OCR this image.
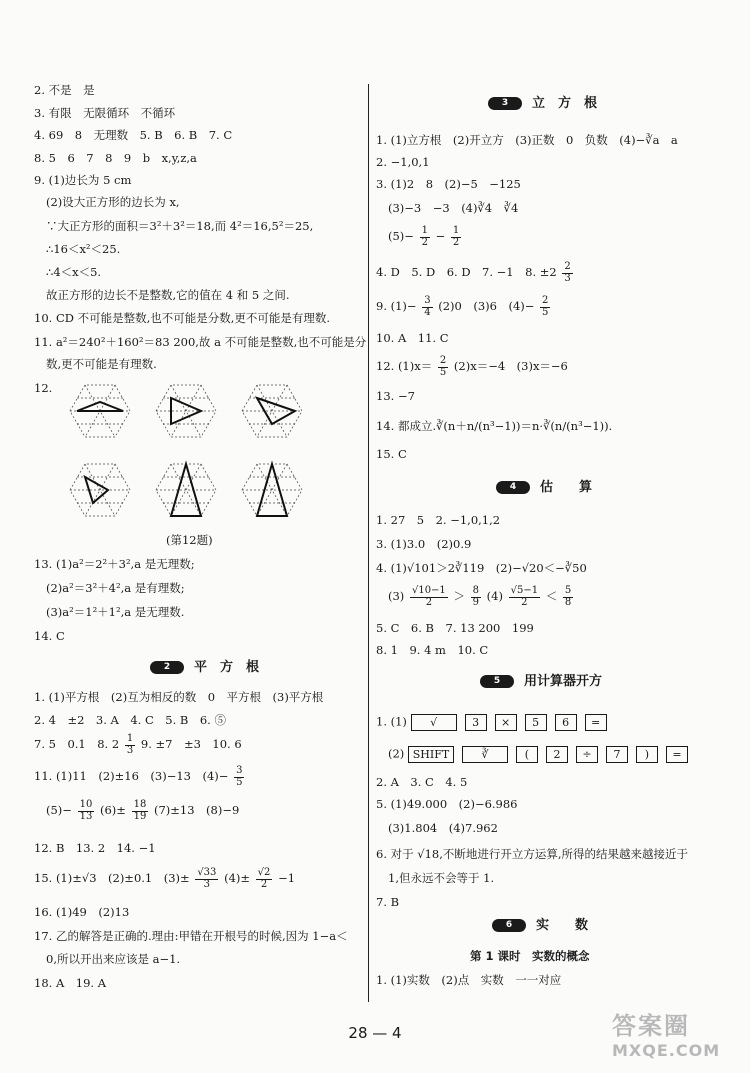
2. 不是　是
3. 有限　无限循环　不循环
4. 69　8　无理数　5. B　6. B　7. C
8. 5　6　7　8　9　b　x,y,z,a
9. (1)边长为 5 cm
(2)设大正方形的边长为 x,
∵大正方形的面积＝3²＋3²＝18,而 4²＝16,5²＝25,
∴16＜x²＜25.
∴4＜x＜5.
故正方形的边长不是整数,它的值在 4 和 5 之间.
10. CD 不可能是整数,也不可能是分数,更不可能是有理数.
11. a²＝240²＋160²＝83 200,故 a 不可能是整数,也不可能是分
数,更不可能是有理数.
12.
(第12题)
13. (1)a²＝2²＋3²,a 是无理数;
(2)a²＝3²＋4²,a 是有理数;
(3)a²＝1²＋1²,a 是无理数.
14. C
2	平　方　根
1. (1)平方根　(2)互为相反的数　0　平方根　(3)平方根
2. 4　±2　3. A　4. C　5. B　6. ⑤
7. 5　0.1　8. $2 \frac{1}{3} 9$. ±7　±3　10. 6
11. (1)11　(2)±16　(3)−13　$(4)- \frac{3}{5}$
$(5)- \frac{10}{13} (6)\pm \frac{18}{19} (7)\pm 13$　(8)−9
12. B　13. 2　14. −1
15. (1)±√3　(2)±0.1　$(3)\pm \frac{√33}{3} (4)\pm \frac{√2}{2} -1$
16. (1)49　(2)13
17. 乙的解答是正确的.理由:甲错在开根号的时候,因为 1−a＜
0,所以开出来应该是 a−1.
18. A　19. A
3	立　方　根
1. (1)立方根　(2)开立方　(3)正数　0　负数　(4)−∛a　a
2. −1,0,1
3. (1)2　8　(2)−5　−125
(3)−3　−3　(4)∛4　∛4
$(5)- \frac{1}{2} - \frac{1}{2}$
4. D　5. D　6. D　7. −1　8. $\pm 2 \frac{2}{3}$
9. $(1)- \frac{3}{4} (2)0$　(3)6　$(4)- \frac{2}{5}$
10. A　11. C
12. $(1)x= \frac{2}{5} (2)x=-4$　(3)x＝−6
13. −7
14. 都成立.∛(n＋n/(n³−1))＝n·∛(n/(n³−1)).
15. C
4	估　　算
1. 27　5　2. −1,0,1,2
3. (1)3.0　(2)0.9
4. (1)√101＞2∛119　(2)−√20＜−∛50
$(3) \frac{√10-1}{2} > \frac{8}{9} (4) \frac{√5-1}{2} < \frac{5}{8}$
5. C　6. B　7. 13 200　199
8. 1　9. 4 m　10. C
5	用计算器开方
1. (1)	√	3	×	5	6	=
(2) SHIFT	∛	(	2	÷	7	)	=
2. A　3. C　4. 5
5. (1)49.000　(2)−6.986
(3)1.804　(4)7.962
6. 对于 √18,不断地进行开立方运算,所得的结果越来越接近于
1,但永远不会等于 1.
7. B
6	实　　数
第 1 课时　实数的概念
1. (1)实数　(2)点　实数　一一对应
28 — 4	答案圈
MXQE.COM
